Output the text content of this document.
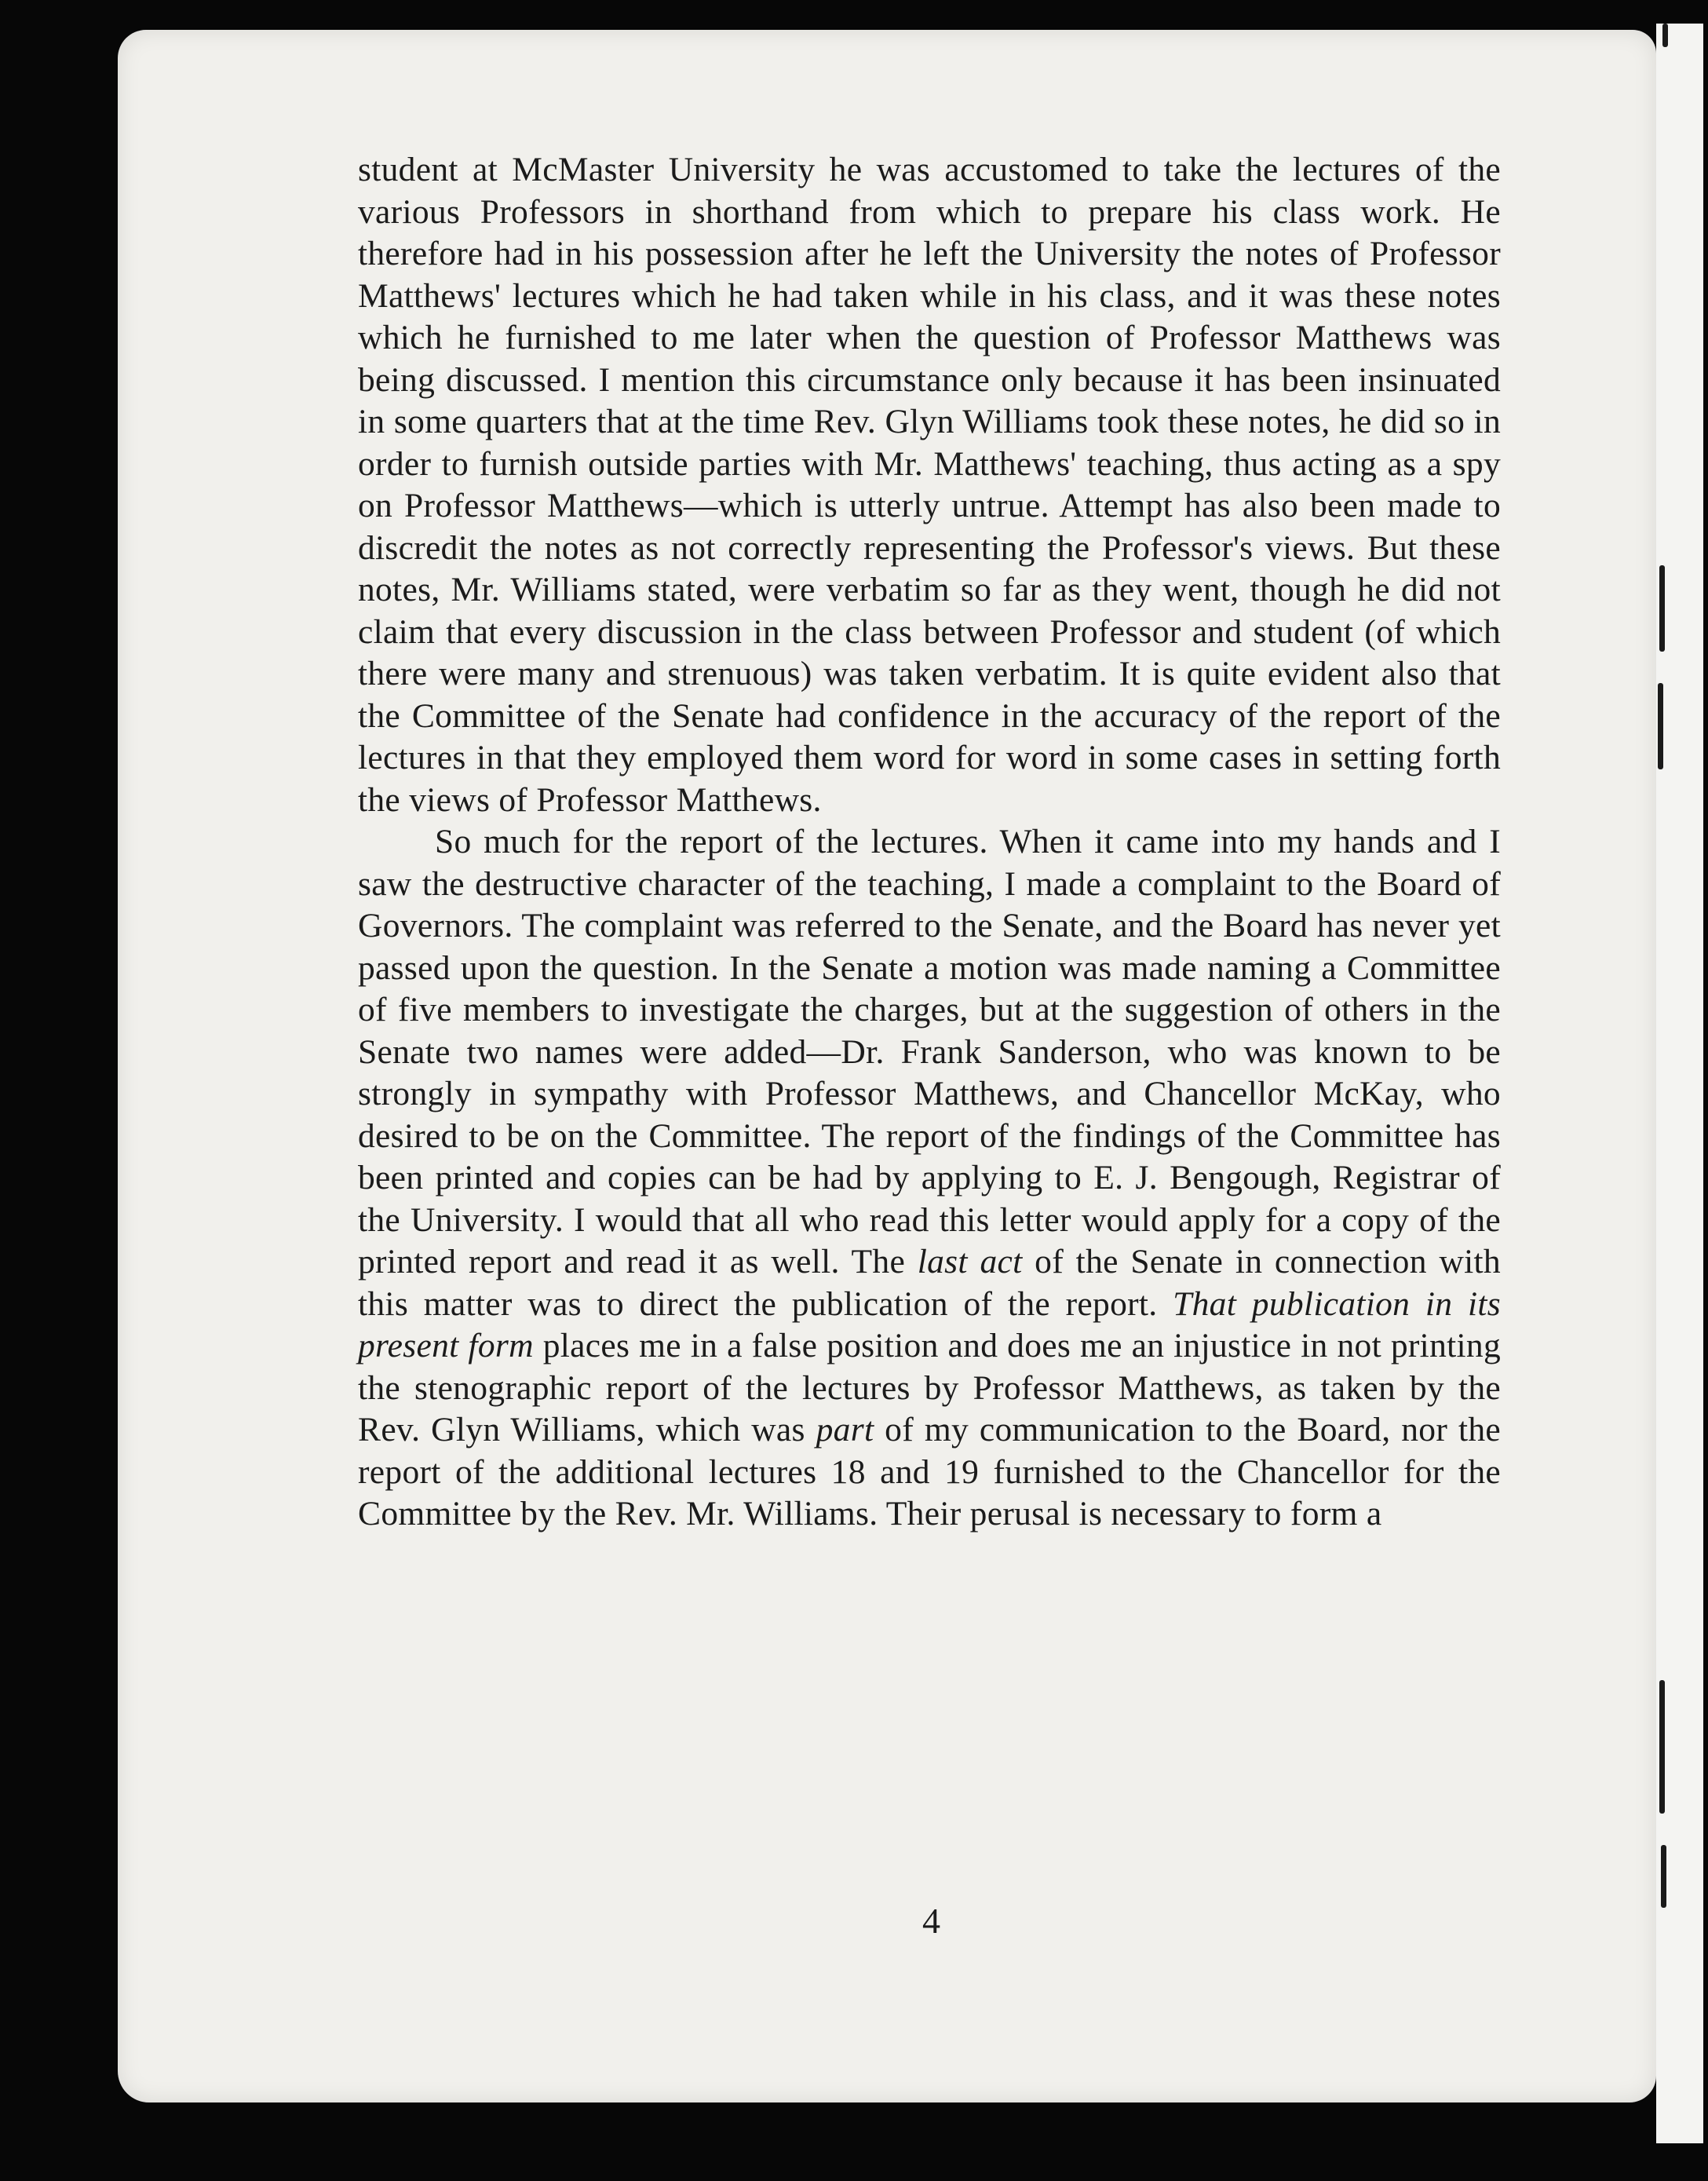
student at McMaster University he was accustomed to take the lectures of the various Professors in shorthand from which to prepare his class work. He therefore had in his possession after he left the University the notes of Professor Matthews' lectures which he had taken while in his class, and it was these notes which he furnished to me later when the question of Professor Matthews was being discussed. I mention this circumstance only because it has been insinuated in some quarters that at the time Rev. Glyn Williams took these notes, he did so in order to furnish outside parties with Mr. Matthews' teaching, thus acting as a spy on Professor Matthews—which is utterly untrue. Attempt has also been made to discredit the notes as not correctly representing the Professor's views. But these notes, Mr. Williams stated, were verbatim so far as they went, though he did not claim that every discussion in the class between Professor and student (of which there were many and strenuous) was taken verbatim. It is quite evident also that the Committee of the Senate had confidence in the accuracy of the report of the lectures in that they employed them word for word in some cases in setting forth the views of Professor Matthews.

So much for the report of the lectures. When it came into my hands and I saw the destructive character of the teaching, I made a complaint to the Board of Governors. The complaint was referred to the Senate, and the Board has never yet passed upon the question. In the Senate a motion was made naming a Committee of five members to investigate the charges, but at the suggestion of others in the Senate two names were added—Dr. Frank Sanderson, who was known to be strongly in sympathy with Professor Matthews, and Chancellor McKay, who desired to be on the Committee. The report of the findings of the Committee has been printed and copies can be had by applying to E. J. Bengough, Registrar of the University. I would that all who read this letter would apply for a copy of the printed report and read it as well. The last act of the Senate in connection with this matter was to direct the publication of the report. That publication in its present form places me in a false position and does me an injustice in not printing the stenographic report of the lectures by Professor Matthews, as taken by the Rev. Glyn Williams, which was part of my communication to the Board, nor the report of the additional lectures 18 and 19 furnished to the Chancellor for the Committee by the Rev. Mr. Williams. Their perusal is necessary to form a

4
